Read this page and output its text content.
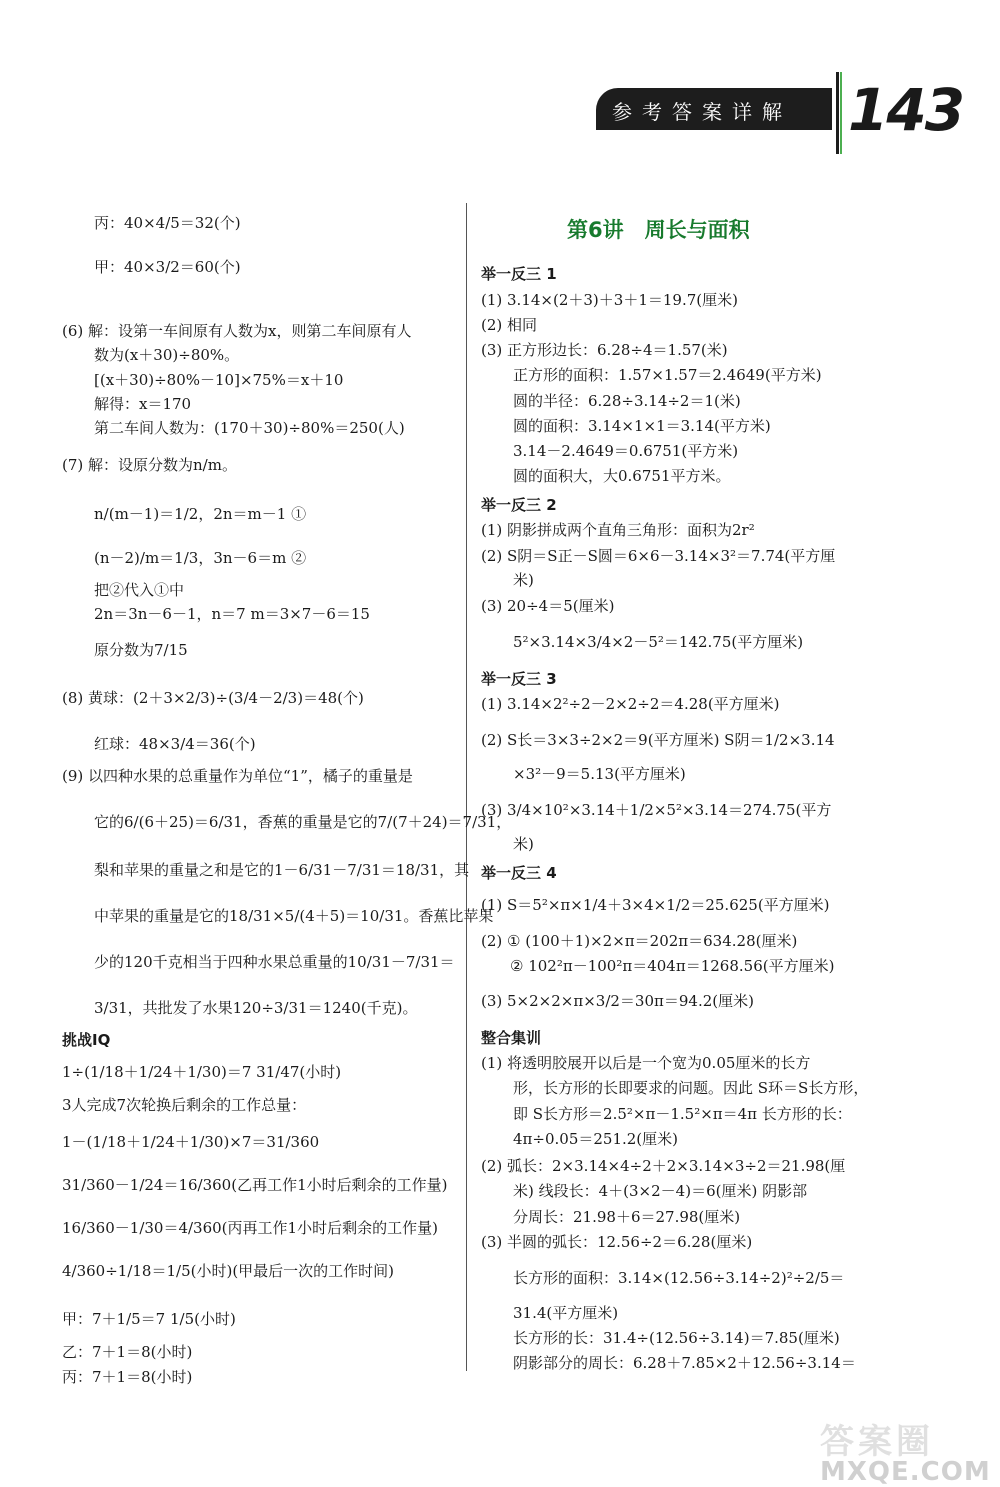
参考答案详解 143
丙：40×4/5＝32(个)
甲：40×3/2＝60(个)
(6) 解：设第一车间原有人数为x，则第二车间原有人
数为(x＋30)÷80%。
[(x＋30)÷80%－10]×75%＝x＋10
解得：x＝170
第二车间人数为：(170＋30)÷80%＝250(人)
(7) 解：设原分数为n/m。
n/(m－1)＝1/2，2n＝m－1 ①
(n－2)/m＝1/3，3n－6＝m ②
把②代入①中
2n＝3n－6－1，n＝7 m＝3×7－6＝15
原分数为7/15
(8) 黄球：(2＋3×2/3)÷(3/4－2/3)＝48(个)
红球：48×3/4＝36(个)
(9) 以四种水果的总重量作为单位“1”，橘子的重量是
它的6/(6＋25)＝6/31，香蕉的重量是它的7/(7＋24)＝7/31，
梨和苹果的重量之和是它的1－6/31－7/31＝18/31，其
中苹果的重量是它的18/31×5/(4＋5)＝10/31。香蕉比苹果
少的120千克相当于四种水果总重量的10/31－7/31＝
3/31，共批发了水果120÷3/31＝1240(千克)。
挑战IQ
1÷(1/18＋1/24＋1/30)＝7 31/47(小时)
3人完成7次轮换后剩余的工作总量：
1－(1/18＋1/24＋1/30)×7＝31/360
31/360－1/24＝16/360(乙再工作1小时后剩余的工作量)
16/360－1/30＝4/360(丙再工作1小时后剩余的工作量)
4/360÷1/18＝1/5(小时)(甲最后一次的工作时间)
甲：7＋1/5＝7 1/5(小时)
乙：7＋1＝8(小时)
丙：7＋1＝8(小时)
第6讲　周长与面积
举一反三 1
(1) 3.14×(2＋3)＋3＋1＝19.7(厘米)
(2) 相同
(3) 正方形边长：6.28÷4＝1.57(米)
正方形的面积：1.57×1.57＝2.4649(平方米)
圆的半径：6.28÷3.14÷2＝1(米)
圆的面积：3.14×1×1＝3.14(平方米)
3.14－2.4649＝0.6751(平方米)
圆的面积大，大0.6751平方米。
举一反三 2
(1) 阴影拼成两个直角三角形：面积为2r²
(2) S阴＝S正－S圆＝6×6－3.14×3²＝7.74(平方厘
米)
(3) 20÷4＝5(厘米)
5²×3.14×3/4×2－5²＝142.75(平方厘米)
举一反三 3
(1) 3.14×2²÷2－2×2÷2＝4.28(平方厘米)
(2) S长＝3×3÷2×2＝9(平方厘米) S阴＝1/2×3.14
×3²－9＝5.13(平方厘米)
(3) 3/4×10²×3.14＋1/2×5²×3.14＝274.75(平方
米)
举一反三 4
(1) S＝5²×π×1/4＋3×4×1/2＝25.625(平方厘米)
(2) ① (100＋1)×2×π＝202π＝634.28(厘米)
② 102²π－100²π＝404π＝1268.56(平方厘米)
(3) 5×2×2×π×3/2＝30π＝94.2(厘米)
整合集训
(1) 将透明胶展开以后是一个宽为0.05厘米的长方
形，长方形的长即要求的问题。因此 S环＝S长方形，
即 S长方形＝2.5²×π－1.5²×π＝4π 长方形的长：
4π÷0.05＝251.2(厘米)
(2) 弧长：2×3.14×4÷2＋2×3.14×3÷2＝21.98(厘
米) 线段长：4＋(3×2－4)＝6(厘米) 阴影部
分周长：21.98＋6＝27.98(厘米)
(3) 半圆的弧长：12.56÷2＝6.28(厘米)
长方形的面积：3.14×(12.56÷3.14÷2)²÷2/5＝
31.4(平方厘米)
长方形的长：31.4÷(12.56÷3.14)＝7.85(厘米)
阴影部分的周长：6.28＋7.85×2＋12.56÷3.14＝
答案圈
MXQE.COM
